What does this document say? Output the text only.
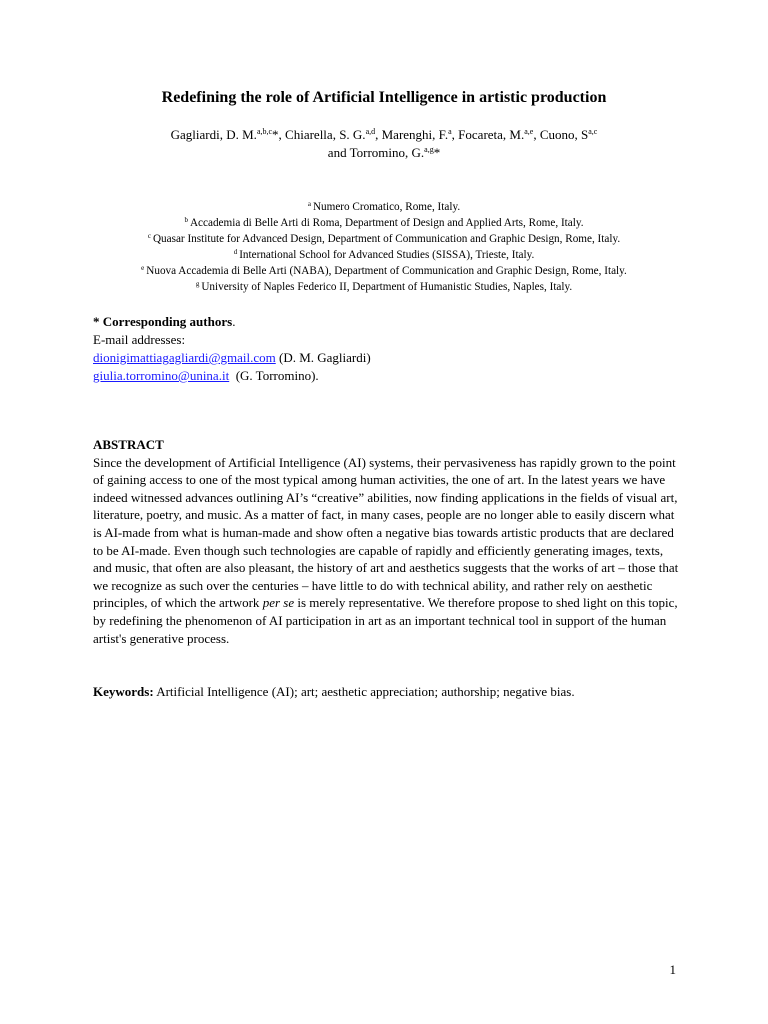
Redefining the role of Artificial Intelligence in artistic production
Gagliardi, D. M.$^{a,b,c}$*, Chiarella, S. G.$^{a,d}$, Marenghi, F.$^a$, Focareta, M.$^{a,e}$, Cuono, S$^{a,c}$
and Torromino, G.$^{a,g}$*
$^a$ Numero Cromatico, Rome, Italy.
$^b$ Accademia di Belle Arti di Roma, Department of Design and Applied Arts, Rome, Italy.
$^c$ Quasar Institute for Advanced Design, Department of Communication and Graphic Design, Rome, Italy.
$^d$ International School for Advanced Studies (SISSA), Trieste, Italy.
$^e$ Nuova Accademia di Belle Arti (NABA), Department of Communication and Graphic Design, Rome, Italy.
$^g$ University of Naples Federico II, Department of Humanistic Studies, Naples, Italy.
* Corresponding authors.
E-mail addresses:
dionigimattiagagliardi@gmail.com (D. M. Gagliardi)
giulia.torromino@unina.it  (G. Torromino).
ABSTRACT

Since the development of Artificial Intelligence (AI) systems, their pervasiveness has rapidly grown to the point of gaining access to one of the most typical among human activities, the one of art. In the latest years we have indeed witnessed advances outlining AI’s “creative” abilities, now finding applications in the fields of visual art, literature, poetry, and music. As a matter of fact, in many cases, people are no longer able to easily discern what is AI-made from what is human-made and show often a negative bias towards artistic products that are declared to be AI-made. Even though such technologies are capable of rapidly and efficiently generating images, texts, and music, that often are also pleasant, the history of art and aesthetics suggests that the works of art – those that we recognize as such over the centuries – have little to do with technical ability, and rather rely on aesthetic principles, of which the artwork per se is merely representative. We therefore propose to shed light on this topic, by redefining the phenomenon of AI participation in art as an important technical tool in support of the human artist's generative process.

Keywords: Artificial Intelligence (AI); art; aesthetic appreciation; authorship; negative bias.
1
